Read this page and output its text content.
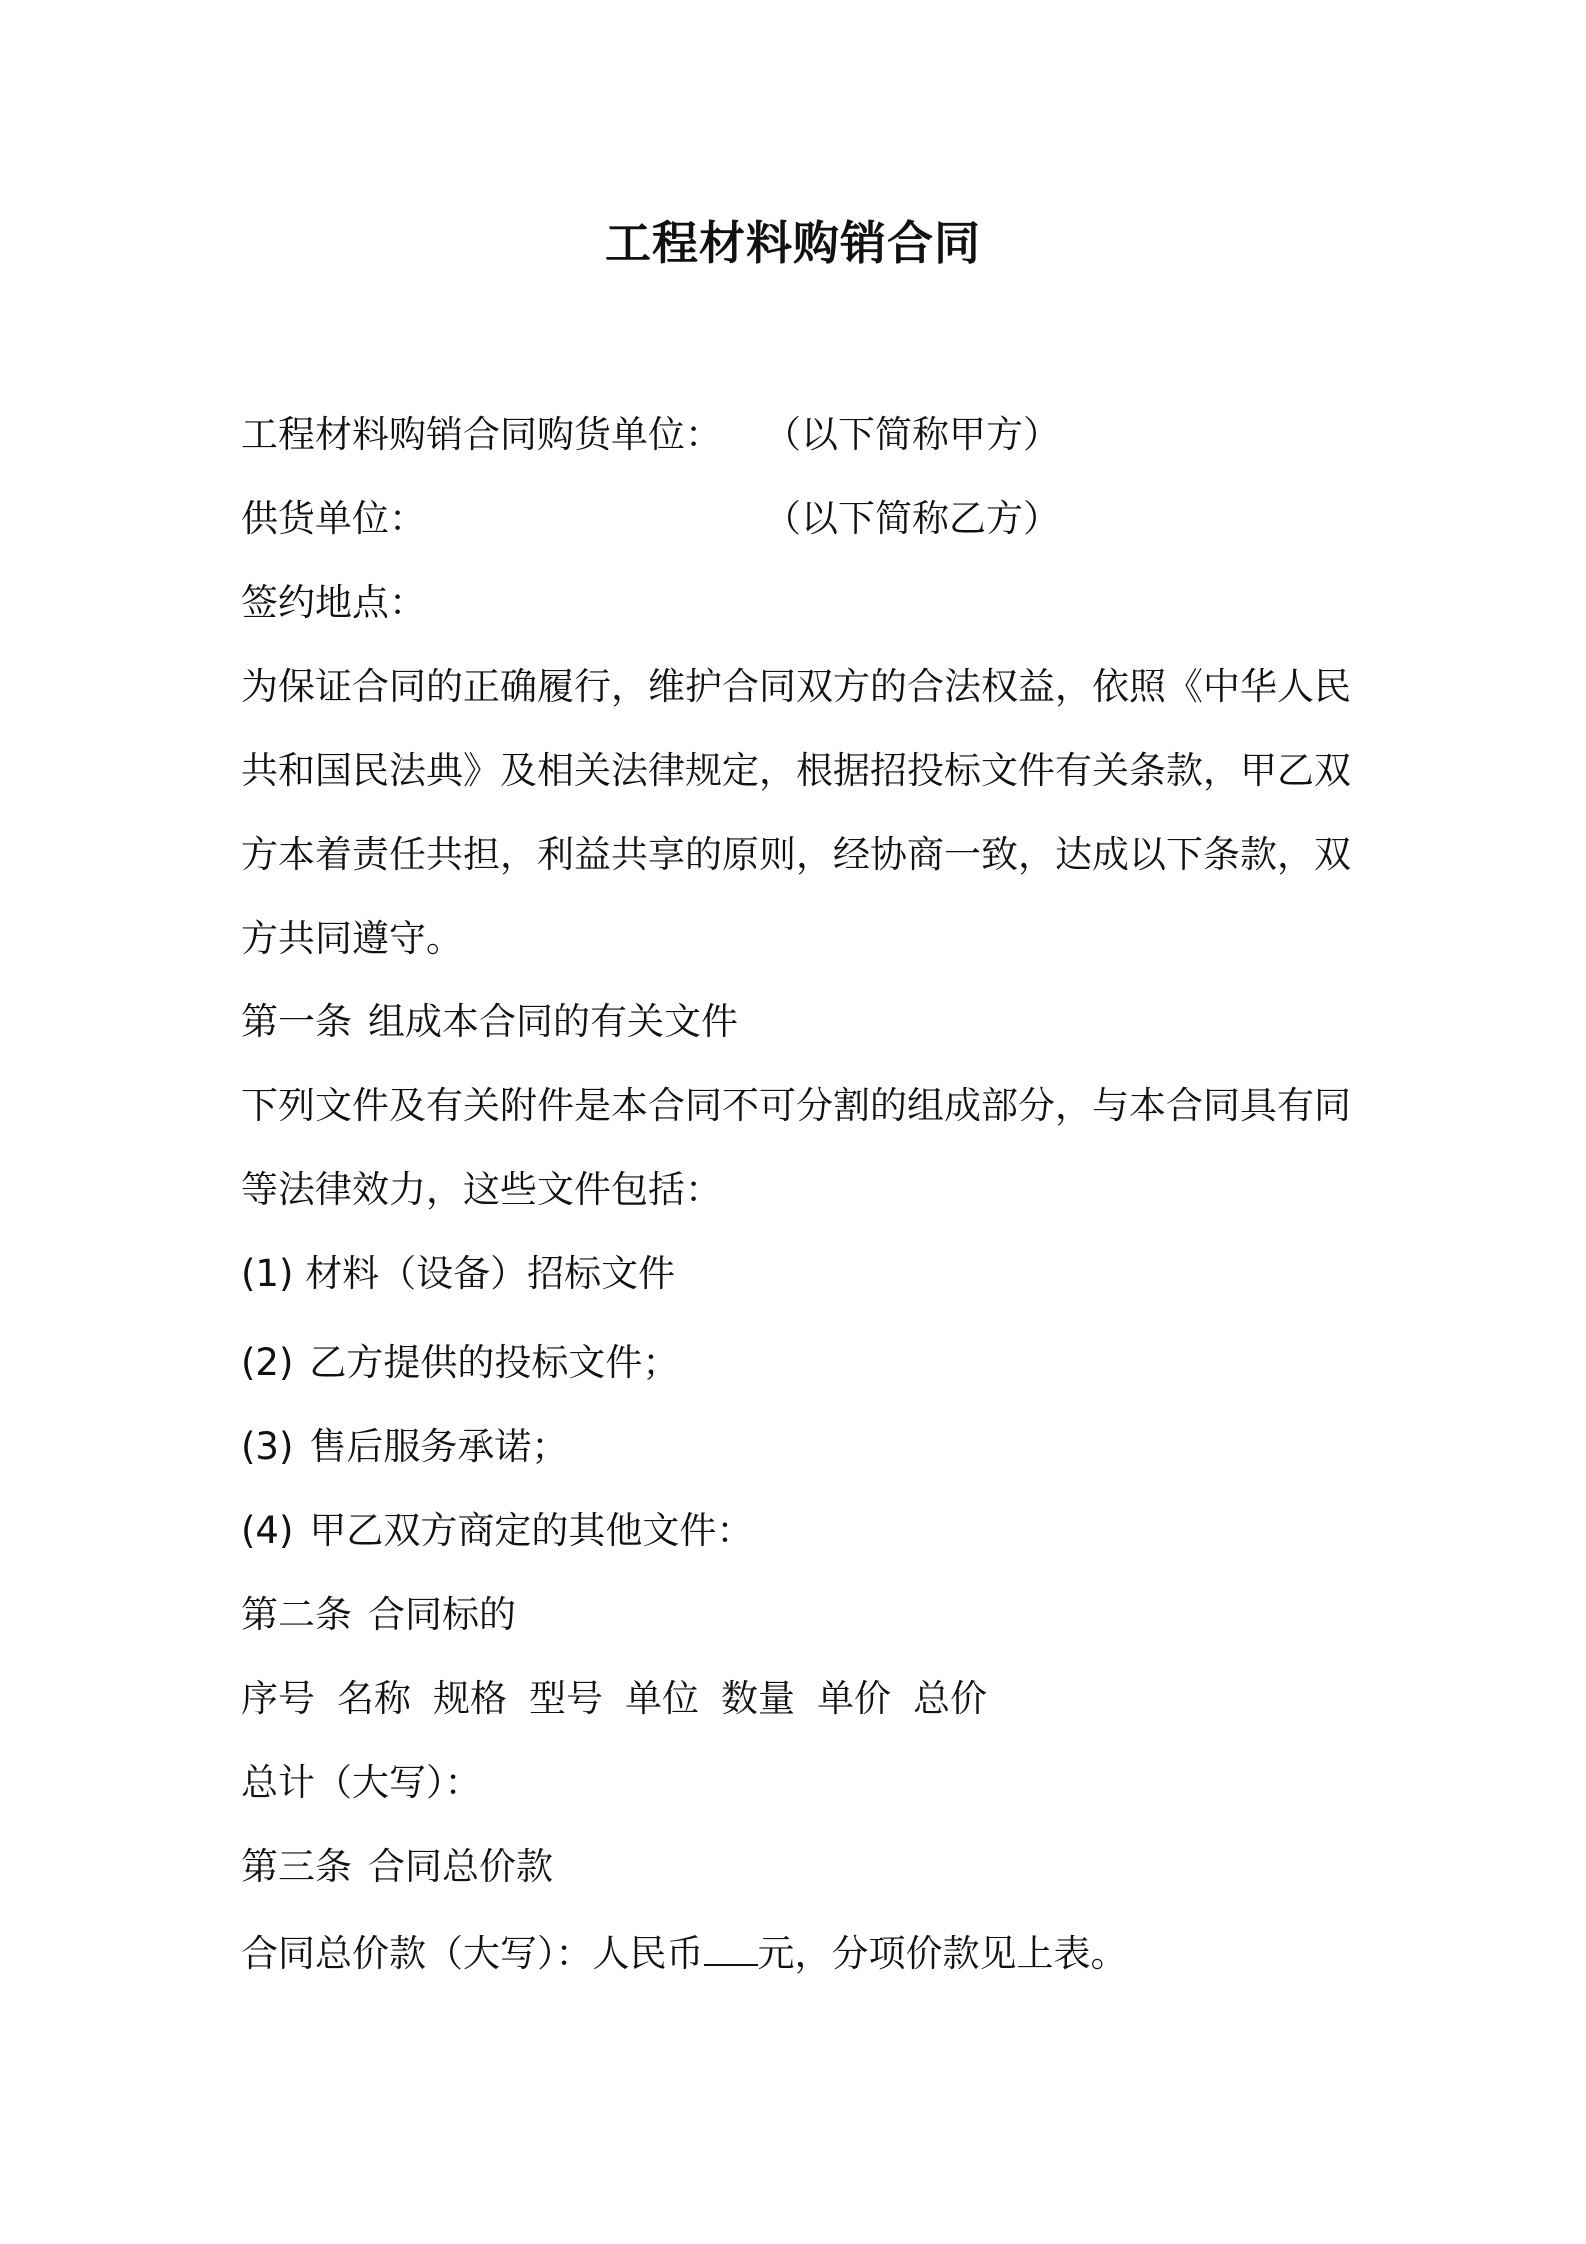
工程材料购销合同
工程材料购销合同购货单位： （以下简称甲方）
供货单位：	（以下简称乙方）
签约地点：
为保证合同的正确履行，维护合同双方的合法权益，依照《中华人民
共和国民法典》及相关法律规定，根据招投标文件有关条款，甲乙双
方本着责任共担，利益共享的原则，经协商一致，达成以下条款，双
方共同遵守。
第一条 组成本合同的有关文件
下列文件及有关附件是本合同不可分割的组成部分，与本合同具有同
等法律效力，这些文件包括：
(1) 材料（设备）招标文件
(2) 乙方提供的投标文件；
(3) 售后服务承诺；
(4) 甲乙双方商定的其他文件：
第二条 合同标的
序号 名称 规格 型号 单位 数量 单价 总价
总计（大写）：
第三条 合同总价款
合同总价款（大写）：人民币 元，分项价款见上表。
